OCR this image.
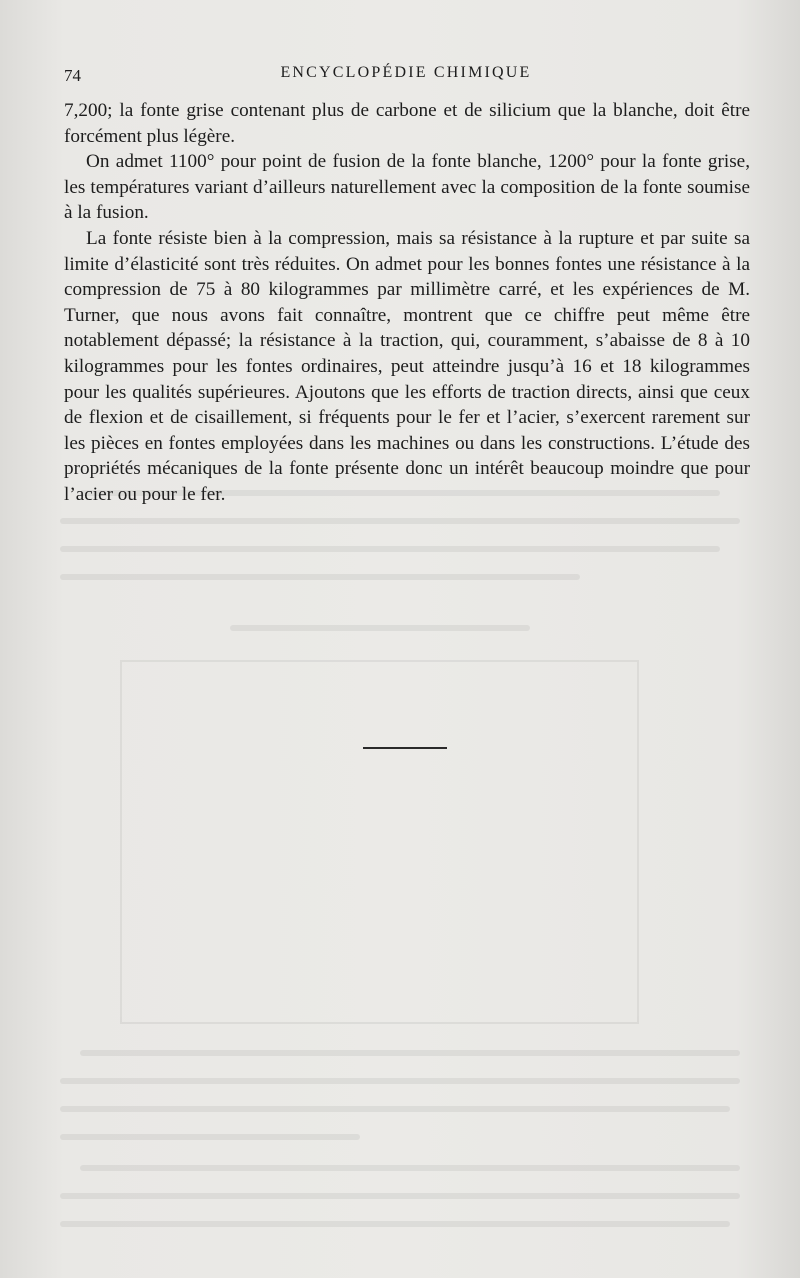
74	ENCYCLOPÉDIE CHIMIQUE

7,200; la fonte grise contenant plus de carbone et de silicium que la blanche, doit être forcément plus légère.

On admet 1100° pour point de fusion de la fonte blanche, 1200° pour la fonte grise, les températures variant d’ailleurs naturellement avec la composition de la fonte soumise à la fusion.

La fonte résiste bien à la compression, mais sa résistance à la rupture et par suite sa limite d’élasticité sont très réduites. On admet pour les bonnes fontes une résistance à la compression de 75 à 80 kilogrammes par millimètre carré, et les expériences de M. Turner, que nous avons fait connaître, montrent que ce chiffre peut même être notablement dépassé; la résistance à la traction, qui, couramment, s’abaisse de 8 à 10 kilogrammes pour les fontes ordinaires, peut atteindre jusqu’à 16 et 18 kilogrammes pour les qualités supérieures. Ajoutons que les efforts de traction directs, ainsi que ceux de flexion et de cisaillement, si fréquents pour le fer et l’acier, s’exercent rarement sur les pièces en fontes employées dans les machines ou dans les constructions. L’étude des propriétés mécaniques de la fonte présente donc un intérêt beaucoup moindre que pour l’acier ou pour le fer.
